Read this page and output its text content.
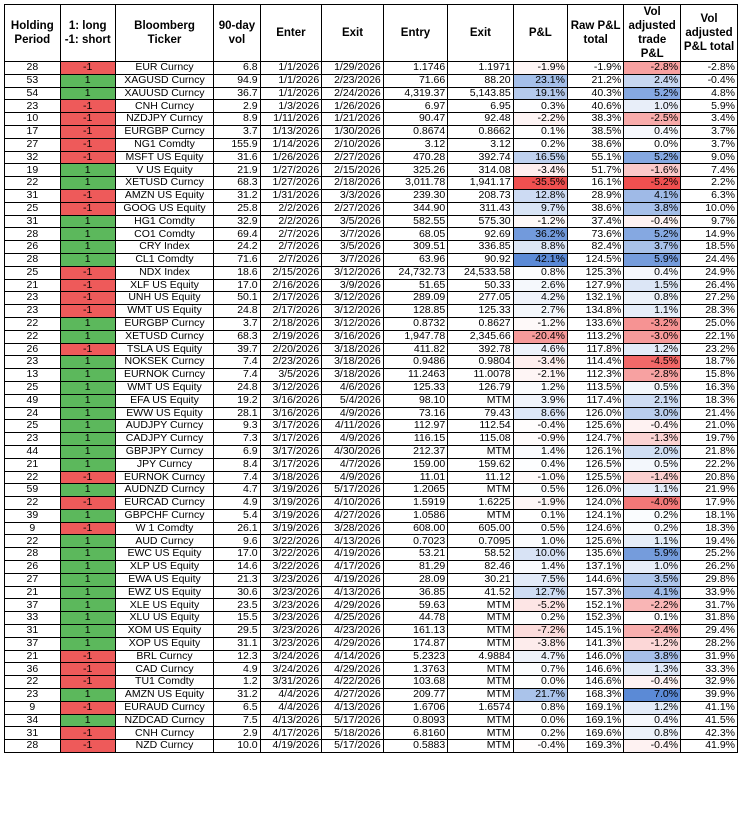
Holding Period	1: long -1: short	Bloomberg Ticker	90-day vol	Enter	Exit	Entry	Exit	P&L	Raw P&L total	Vol adjusted trade P&L	Vol adjusted P&L total
28	-1	EUR Curncy	6.8	1/1/2026	1/29/2026	1.1746	1.1971	-1.9%	-1.9%	-2.8%	-2.8%
53	1	XAGUSD Curncy	94.9	1/1/2026	2/23/2026	71.66	88.20	23.1%	21.2%	2.4%	-0.4%
54	1	XAUUSD Curncy	36.7	1/1/2026	2/24/2026	4,319.37	5,143.85	19.1%	40.3%	5.2%	4.8%
23	-1	CNH Curncy	2.9	1/3/2026	1/26/2026	6.97	6.95	0.3%	40.6%	1.0%	5.9%
10	-1	NZDJPY Curncy	8.9	1/11/2026	1/21/2026	90.47	92.48	-2.2%	38.3%	-2.5%	3.4%
17	-1	EURGBP Curncy	3.7	1/13/2026	1/30/2026	0.8674	0.8662	0.1%	38.5%	0.4%	3.7%
27	-1	NG1 Comdty	155.9	1/14/2026	2/10/2026	3.12	3.12	0.2%	38.6%	0.0%	3.7%
32	-1	MSFT US Equity	31.6	1/26/2026	2/27/2026	470.28	392.74	16.5%	55.1%	5.2%	9.0%
19	1	V US Equity	21.9	1/27/2026	2/15/2026	325.26	314.08	-3.4%	51.7%	-1.6%	7.4%
22	1	XETUSD Curncy	68.3	1/27/2026	2/18/2026	3,011.78	1,941.17	-35.5%	16.1%	-5.2%	2.2%
31	-1	AMZN US Equity	31.2	1/31/2026	3/3/2026	239.30	208.73	12.8%	28.9%	4.1%	6.3%
25	-1	GOOG US Equity	25.8	2/2/2026	2/27/2026	344.90	311.43	9.7%	38.6%	3.8%	10.0%
31	1	HG1 Comdty	32.9	2/2/2026	3/5/2026	582.55	575.30	-1.2%	37.4%	-0.4%	9.7%
28	1	CO1 Comdty	69.4	2/7/2026	3/7/2026	68.05	92.69	36.2%	73.6%	5.2%	14.9%
26	1	CRY Index	24.2	2/7/2026	3/5/2026	309.51	336.85	8.8%	82.4%	3.7%	18.5%
28	1	CL1 Comdty	71.6	2/7/2026	3/7/2026	63.96	90.92	42.1%	124.5%	5.9%	24.4%
25	-1	NDX Index	18.6	2/15/2026	3/12/2026	24,732.73	24,533.58	0.8%	125.3%	0.4%	24.9%
21	-1	XLF US Equity	17.0	2/16/2026	3/9/2026	51.65	50.33	2.6%	127.9%	1.5%	26.4%
23	-1	UNH US Equity	50.1	2/17/2026	3/12/2026	289.09	277.05	4.2%	132.1%	0.8%	27.2%
23	-1	WMT US Equity	24.8	2/17/2026	3/12/2026	128.85	125.33	2.7%	134.8%	1.1%	28.3%
22	1	EURGBP Curncy	3.7	2/18/2026	3/12/2026	0.8732	0.8627	-1.2%	133.6%	-3.2%	25.0%
22	1	XETUSD Curncy	68.3	2/19/2026	3/16/2026	1,947.78	2,345.66	-20.4%	113.2%	-3.0%	22.1%
26	-1	TSLA US Equity	39.7	2/20/2026	3/18/2026	411.82	392.78	4.6%	117.8%	1.2%	23.2%
23	1	NOKSEK Curncy	7.4	2/23/2026	3/18/2026	0.9486	0.9804	-3.4%	114.4%	-4.5%	18.7%
13	1	EURNOK Curncy	7.4	3/5/2026	3/18/2026	11.2463	11.0078	-2.1%	112.3%	-2.8%	15.8%
25	1	WMT US Equity	24.8	3/12/2026	4/6/2026	125.33	126.79	1.2%	113.5%	0.5%	16.3%
49	1	EFA US Equity	19.2	3/16/2026	5/4/2026	98.10	MTM	3.9%	117.4%	2.1%	18.3%
24	1	EWW US Equity	28.1	3/16/2026	4/9/2026	73.16	79.43	8.6%	126.0%	3.0%	21.4%
25	1	AUDJPY Curncy	9.3	3/17/2026	4/11/2026	112.97	112.54	-0.4%	125.6%	-0.4%	21.0%
23	1	CADJPY Curncy	7.3	3/17/2026	4/9/2026	116.15	115.08	-0.9%	124.7%	-1.3%	19.7%
44	1	GBPJPY Curncy	6.9	3/17/2026	4/30/2026	212.37	MTM	1.4%	126.1%	2.0%	21.8%
21	1	JPY Curncy	8.4	3/17/2026	4/7/2026	159.00	159.62	0.4%	126.5%	0.5%	22.2%
22	-1	EURNOK Curncy	7.4	3/18/2026	4/9/2026	11.01	11.12	-1.0%	125.5%	-1.4%	20.8%
59	1	AUDNZD Curncy	4.7	3/19/2026	5/17/2026	1.2065	MTM	0.5%	126.0%	1.1%	21.9%
22	-1	EURCAD Curncy	4.9	3/19/2026	4/10/2026	1.5919	1.6225	-1.9%	124.0%	-4.0%	17.9%
39	1	GBPCHF Curncy	5.4	3/19/2026	4/27/2026	1.0586	MTM	0.1%	124.1%	0.2%	18.1%
9	-1	W 1 Comdty	26.1	3/19/2026	3/28/2026	608.00	605.00	0.5%	124.6%	0.2%	18.3%
22	1	AUD Curncy	9.6	3/22/2026	4/13/2026	0.7023	0.7095	1.0%	125.6%	1.1%	19.4%
28	1	EWC US Equity	17.0	3/22/2026	4/19/2026	53.21	58.52	10.0%	135.6%	5.9%	25.2%
26	1	XLP US Equity	14.6	3/22/2026	4/17/2026	81.29	82.46	1.4%	137.1%	1.0%	26.2%
27	1	EWA US Equity	21.3	3/23/2026	4/19/2026	28.09	30.21	7.5%	144.6%	3.5%	29.8%
21	1	EWZ US Equity	30.6	3/23/2026	4/13/2026	36.85	41.52	12.7%	157.3%	4.1%	33.9%
37	1	XLE US Equity	23.5	3/23/2026	4/29/2026	59.63	MTM	-5.2%	152.1%	-2.2%	31.7%
33	1	XLU US Equity	15.5	3/23/2026	4/25/2026	44.78	MTM	0.2%	152.3%	0.1%	31.8%
31	1	XOM US Equity	29.5	3/23/2026	4/23/2026	161.13	MTM	-7.2%	145.1%	-2.4%	29.4%
37	1	XOP US Equity	31.1	3/23/2026	4/29/2026	174.87	MTM	-3.8%	141.3%	-1.2%	28.2%
21	-1	BRL Curncy	12.3	3/24/2026	4/14/2026	5.2323	4.9884	4.7%	146.0%	3.8%	31.9%
36	-1	CAD Curncy	4.9	3/24/2026	4/29/2026	1.3763	MTM	0.7%	146.6%	1.3%	33.3%
22	-1	TU1 Comdty	1.2	3/31/2026	4/22/2026	103.68	MTM	0.0%	146.6%	-0.4%	32.9%
23	1	AMZN US Equity	31.2	4/4/2026	4/27/2026	209.77	MTM	21.7%	168.3%	7.0%	39.9%
9	-1	EURAUD Curncy	6.5	4/4/2026	4/13/2026	1.6706	1.6574	0.8%	169.1%	1.2%	41.1%
34	1	NZDCAD Curncy	7.5	4/13/2026	5/17/2026	0.8093	MTM	0.0%	169.1%	0.4%	41.5%
31	-1	CNH Curncy	2.9	4/17/2026	5/18/2026	6.8160	MTM	0.2%	169.6%	0.8%	42.3%
28	-1	NZD Curncy	10.0	4/19/2026	5/17/2026	0.5883	MTM	-0.4%	169.3%	-0.4%	41.9%
